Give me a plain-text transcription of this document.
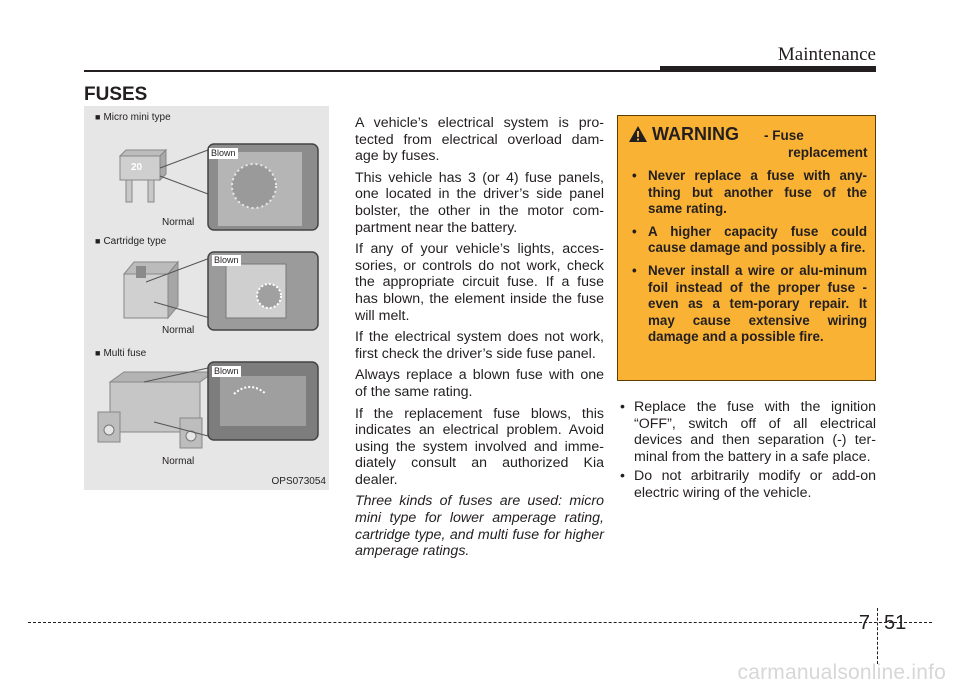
Maintenance
FUSES
■ Micro mini type
■ Cartridge type
■ Multi fuse
20
Blown
Normal
Blown
Normal
Blown
Normal
OPS073054

A vehicle’s electrical system is pro-tected from electrical overload dam-age by fuses.

This vehicle has 3 (or 4) fuse panels, one located in the driver’s side panel bolster, the other in the motor com-partment near the battery.

If any of your vehicle’s lights, acces-sories, or controls do not work, check the appropriate circuit fuse. If a fuse has blown, the element inside the fuse will melt.

If the electrical system does not work, first check the driver’s side fuse panel.

Always replace a blown fuse with one of the same rating.

If the replacement fuse blows, this indicates an electrical problem. Avoid using the system involved and imme-diately consult an authorized Kia dealer.

Three kinds of fuses are used: micro mini type for lower amperage rating, cartridge type, and multi fuse for higher amperage ratings.

WARNING - Fuse
replacement
• Never replace a fuse with any-thing but another fuse of the same rating.
• A higher capacity fuse could cause damage and possibly a fire.
• Never install a wire or alu-minum foil instead of the proper fuse - even as a tem-porary repair. It may cause extensive wiring damage and a possible fire.
• Replace the fuse with the ignition “OFF”, switch off of all electrical devices and then separation (-) ter-minal from the battery in a safe place.
• Do not arbitrarily modify or add-on electric wiring of the vehicle.
7 51
carmanualsonline.info
